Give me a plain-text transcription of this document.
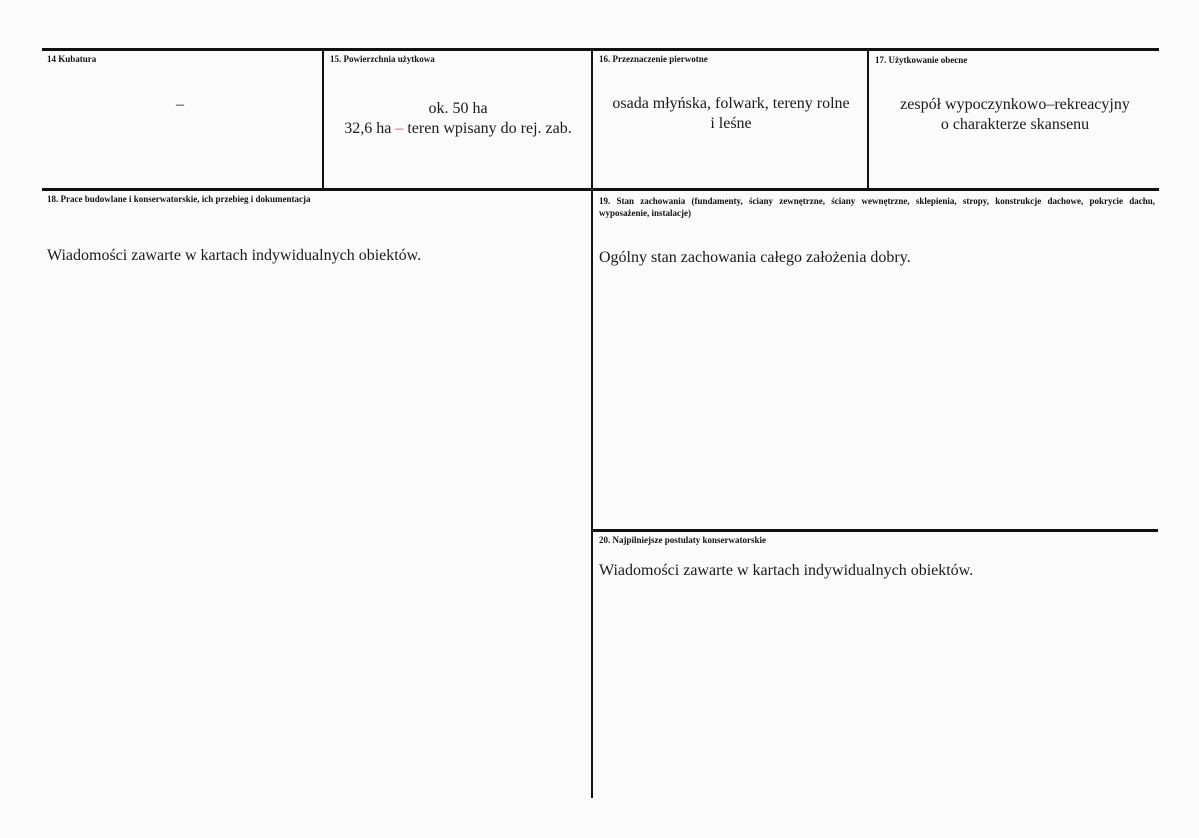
14 Kubatura
–
15. Powierzchnia użytkowa
ok. 50 ha
32,6 ha – teren wpisany do rej. zab.
16. Przeznaczenie pierwotne
osada młyńska, folwark, tereny rolne
i leśne
17. Użytkowanie obecne
zespół wypoczynkowo–rekreacyjny
o charakterze skansenu
18. Prace budowlane i konserwatorskie, ich przebieg i dokumentacja
Wiadomości zawarte w kartach indywidualnych obiektów.
19. Stan zachowania (fundamenty, ściany zewnętrzne, ściany wewnętrzne, sklepienia, stropy, konstrukcje dachowe, pokrycie dachu, wyposażenie, instalacje)
Ogólny stan zachowania całego założenia dobry.
20. Najpilniejsze postulaty konserwatorskie
Wiadomości zawarte w kartach indywidualnych obiektów.
